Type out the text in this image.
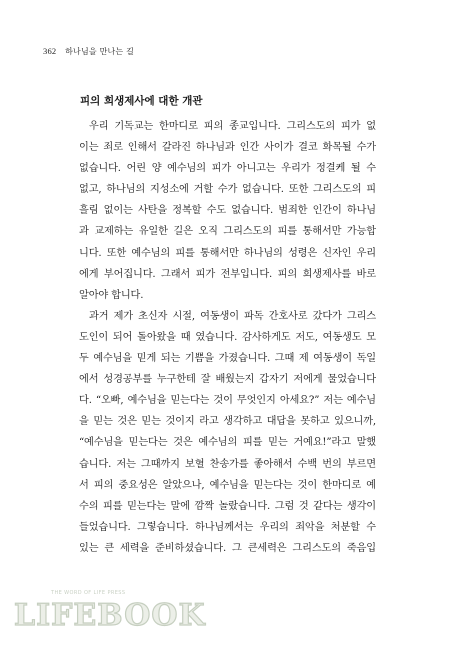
362 하나님을 만나는 길
피의 희생제사에 대한 개관
우리 기독교는 한마디로 피의 종교입니다. 그리스도의 피가 없
이는 죄로 인해서 갈라진 하나님과 인간 사이가 결코 화목될 수가
없습니다. 어린 양 예수님의 피가 아니고는 우리가 정결케 될 수
없고, 하나님의 지성소에 거할 수가 없습니다. 또한 그리스도의 피
흘림 없이는 사탄을 정복할 수도 없습니다. 범죄한 인간이 하나님
과 교제하는 유일한 길은 오직 그리스도의 피를 통해서만 가능합
니다. 또한 예수님의 피를 통해서만 하나님의 성령은 신자인 우리
에게 부어집니다. 그래서 피가 전부입니다. 피의 희생제사를 바로
알아야 합니다.
과거 제가 초신자 시절, 여동생이 파독 간호사로 갔다가 그리스
도인이 되어 돌아왔을 때 였습니다. 감사하게도 저도, 여동생도 모
두 예수님을 믿게 되는 기쁨을 가졌습니다. 그때 제 여동생이 독일
에서 성경공부를 누구한테 잘 배웠는지 갑자기 저에게 물었습니다
다. “오빠, 예수님을 믿는다는 것이 무엇인지 아세요?” 저는 예수님
을 믿는 것은 믿는 것이지 라고 생각하고 대답을 못하고 있으니까,
“예수님을 믿는다는 것은 예수님의 피를 믿는 거예요!”라고 말했
습니다. 저는 그때까지 보혈 찬송가를 좋아해서 수백 번의 부르면
서 피의 중요성은 알았으나, 예수님을 믿는다는 것이 한마디로 예
수의 피를 믿는다는 말에 깜짝 놀랐습니다. 그럼 것 같다는 생각이
들었습니다. 그렇습니다. 하나님께서는 우리의 죄악을 처분할 수
있는 큰 세력을 준비하셨습니다. 그 큰세력은 그리스도의 죽음입
THE WORD OF LIFE PRESS
LIFEBOOK
